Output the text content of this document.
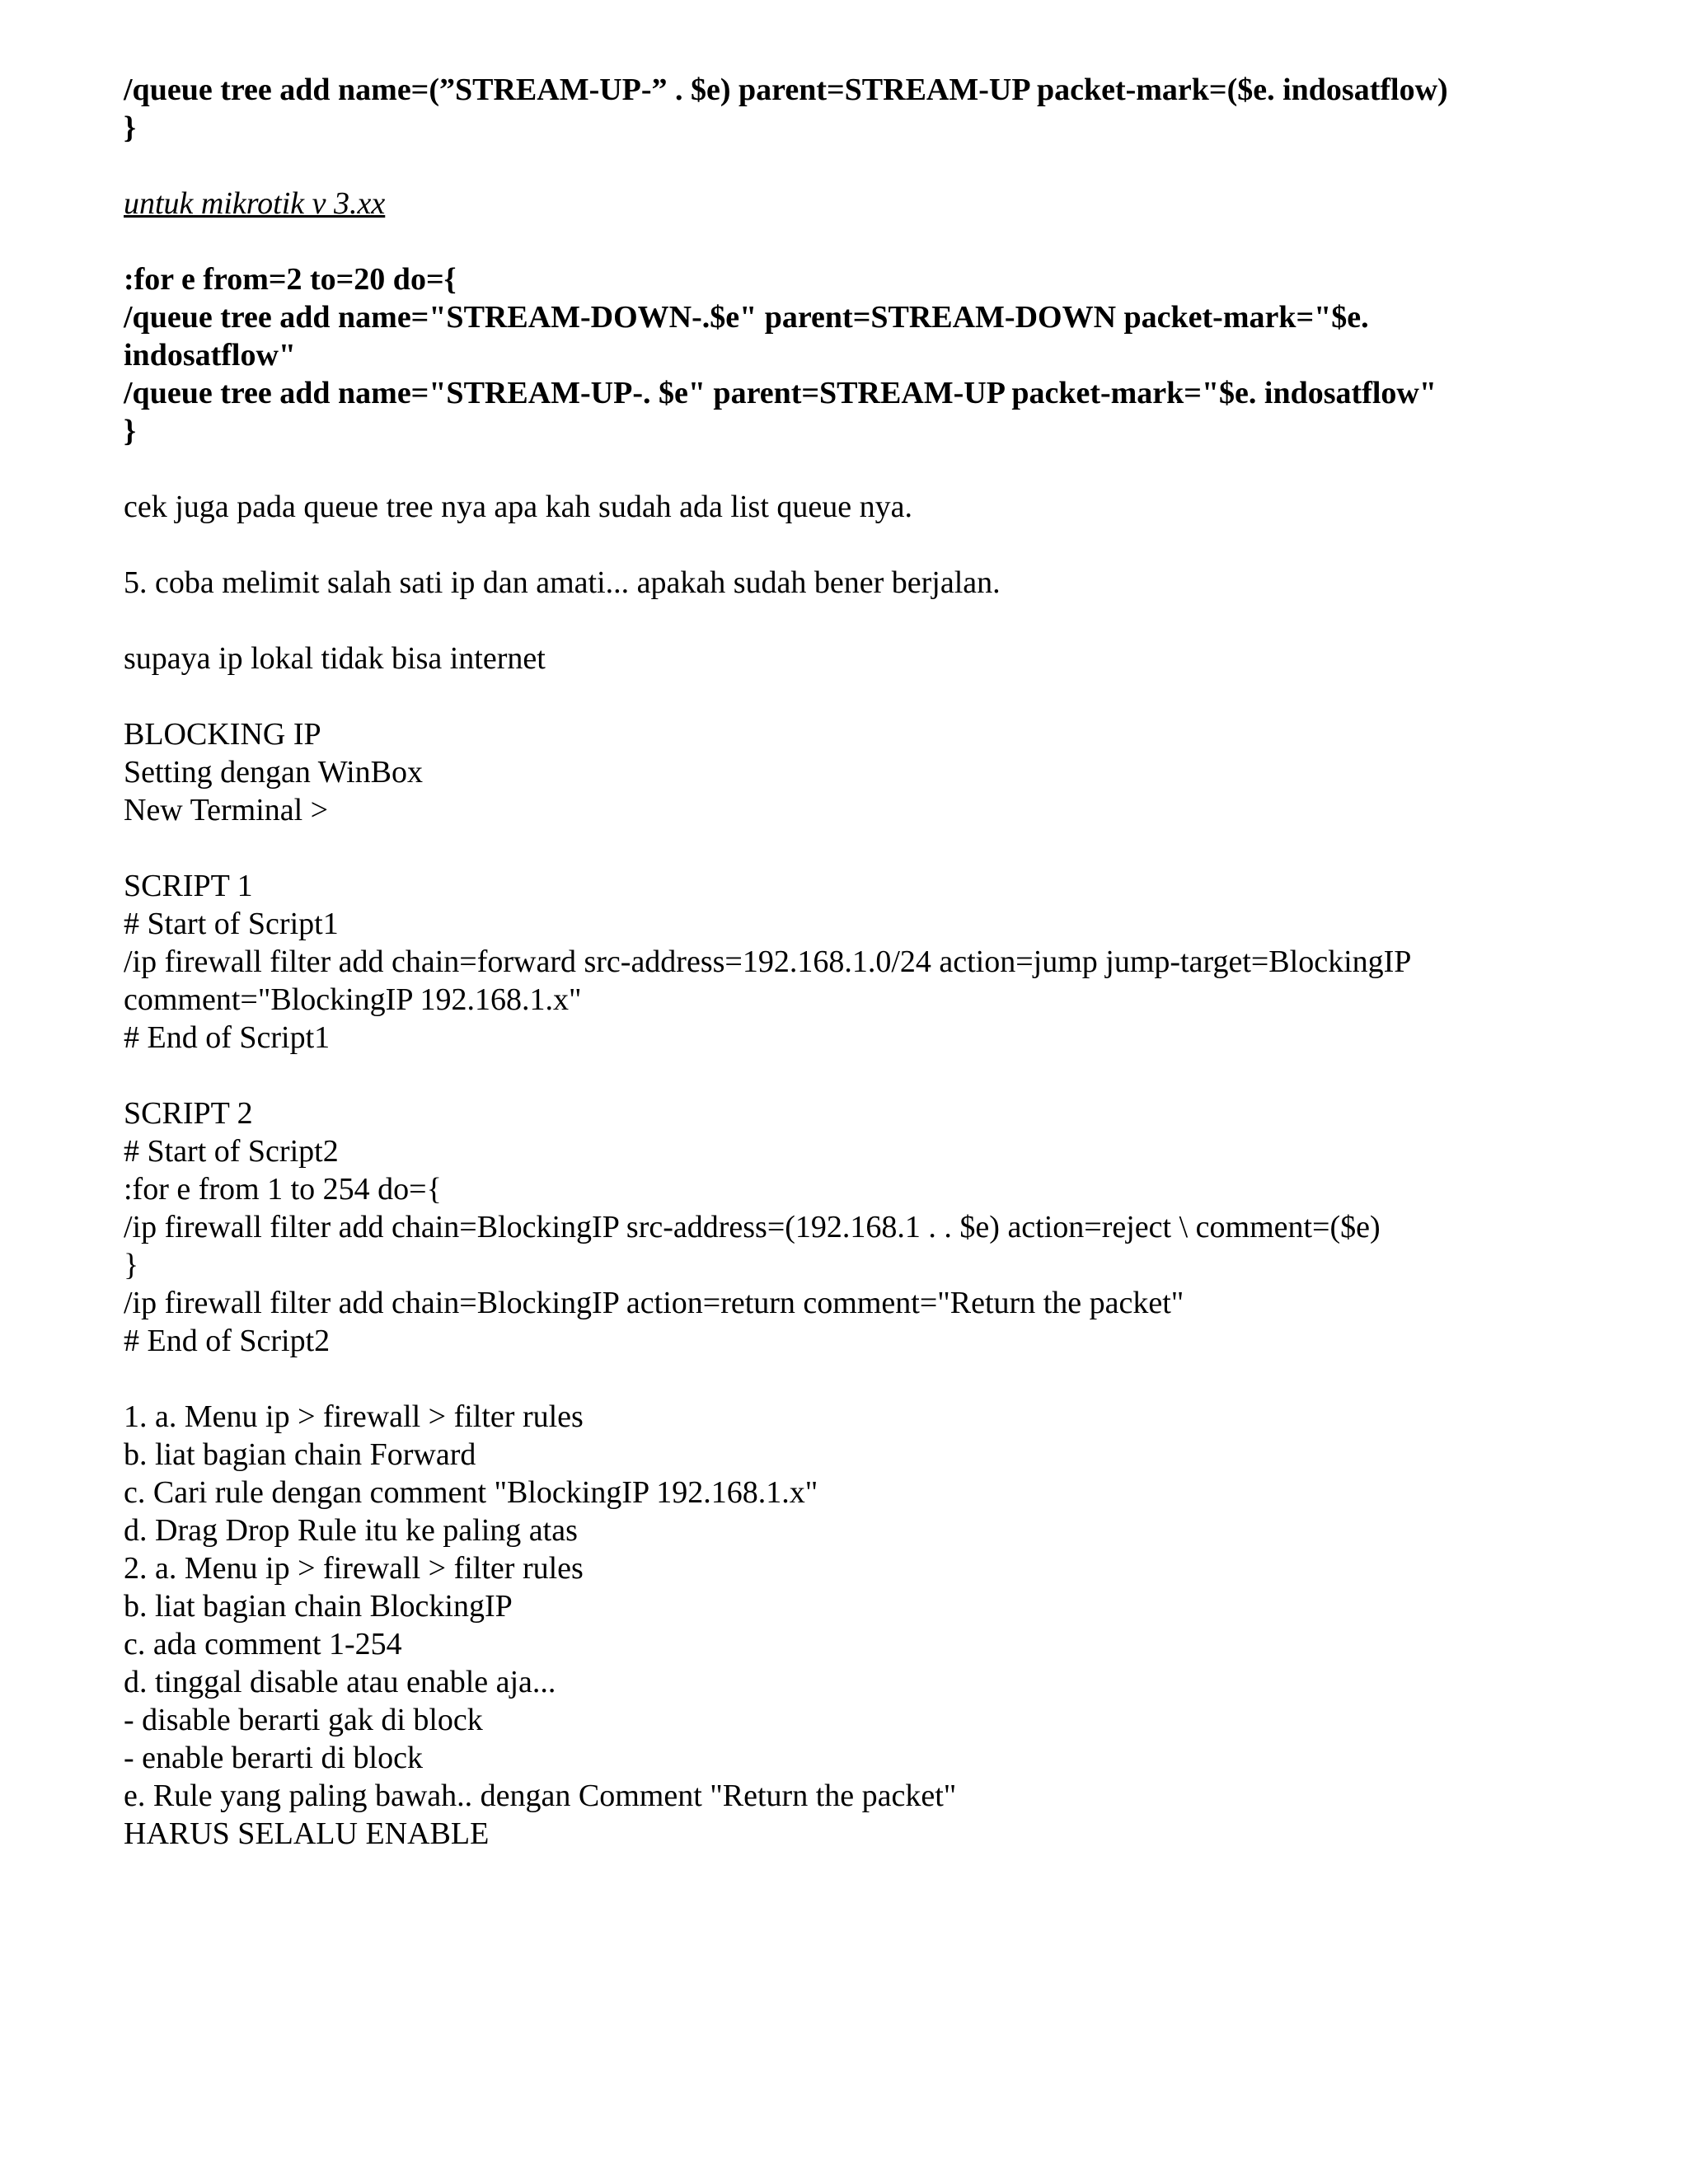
/queue tree add name=(”STREAM-UP-” . $e) parent=STREAM-UP packet-mark=($e. indosatflow)
}
untuk mikrotik v 3.xx
:for e from=2 to=20 do={
/queue tree add name="STREAM-DOWN-.$e" parent=STREAM-DOWN packet-mark="$e.
indosatflow"
/queue tree add name="STREAM-UP-. $e" parent=STREAM-UP packet-mark="$e. indosatflow"
}
cek juga pada queue tree nya apa kah sudah ada list queue nya.
5. coba melimit salah sati ip dan amati... apakah sudah bener berjalan.
supaya ip lokal tidak bisa internet
BLOCKING IP
Setting dengan WinBox
New Terminal >
SCRIPT 1
# Start of Script1
/ip firewall filter add chain=forward src-address=192.168.1.0/24 action=jump jump-target=BlockingIP
comment="BlockingIP 192.168.1.x"
# End of Script1
SCRIPT 2
# Start of Script2
:for e from 1 to 254 do={
/ip firewall filter add chain=BlockingIP src-address=(192.168.1 . . $e) action=reject \ comment=($e)
}
/ip firewall filter add chain=BlockingIP action=return comment="Return the packet"
# End of Script2
1. a. Menu ip > firewall > filter rules
b. liat bagian chain Forward
c. Cari rule dengan comment "BlockingIP 192.168.1.x"
d. Drag Drop Rule itu ke paling atas
2. a. Menu ip > firewall > filter rules
b. liat bagian chain BlockingIP
c. ada comment 1-254
d. tinggal disable atau enable aja...
- disable berarti gak di block
- enable berarti di block
e. Rule yang paling bawah.. dengan Comment "Return the packet"
HARUS SELALU ENABLE
